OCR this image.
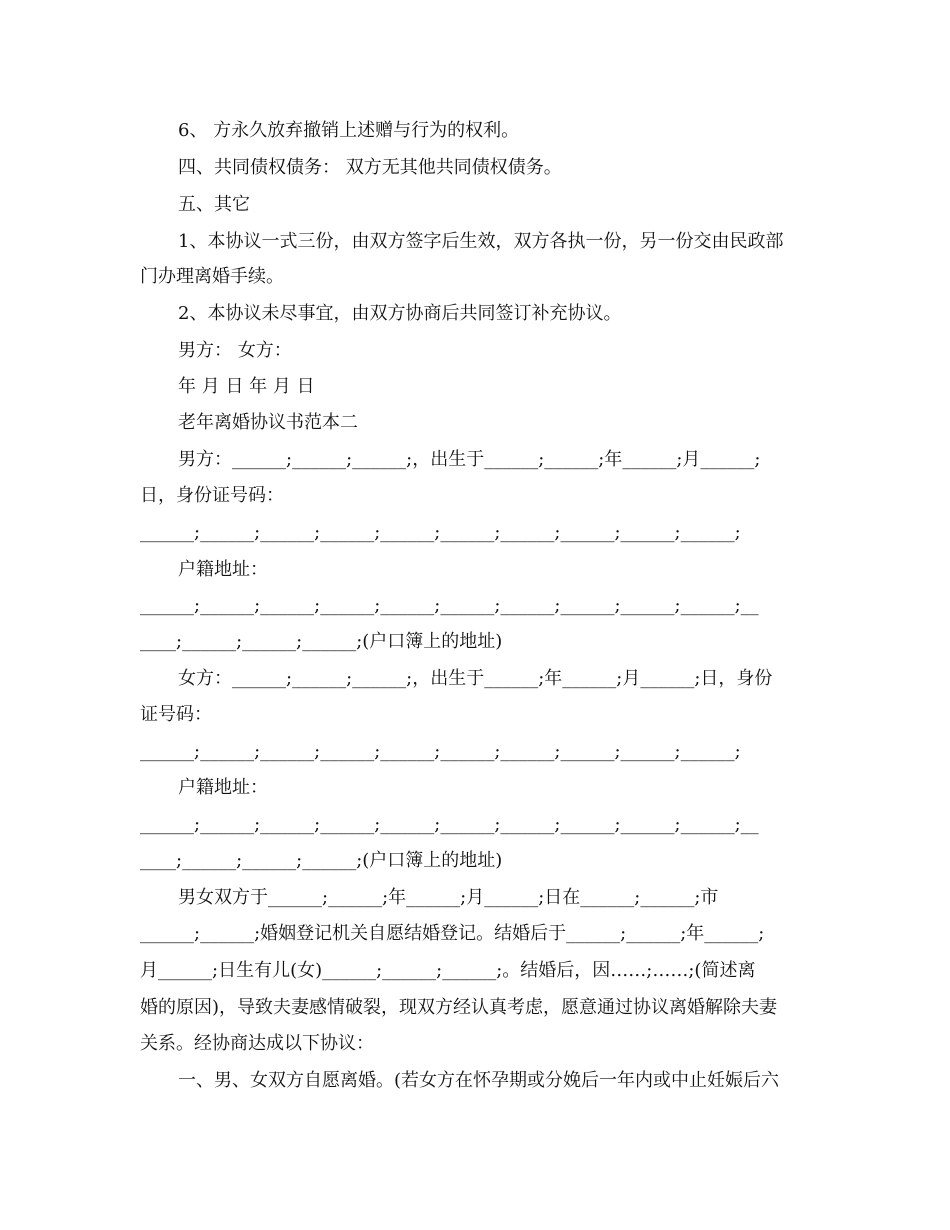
6、 方永久放弃撤销上述赠与行为的权利。
四、共同债权债务： 双方无其他共同债权债务。
五、其它
1、本协议一式三份，由双方签字后生效，双方各执一份，另一份交由民政部
门办理离婚手续。
2、本协议未尽事宜，由双方协商后共同签订补充协议。
男方： 女方：
年 月 日 年 月 日
老年离婚协议书范本二
男方：______;______;______;，出生于______;______;年______;月______;
日，身份证号码：
______;______;______;______;______;______;______;______;______;______;
户籍地址：
______;______;______;______;______;______;______;______;______;______;__
____;______;______;______;(户口簿上的地址)
女方：______;______;______;，出生于______;年______;月______;日，身份
证号码：
______;______;______;______;______;______;______;______;______;______;
户籍地址：
______;______;______;______;______;______;______;______;______;______;__
____;______;______;______;(户口簿上的地址)
男女双方于______;______;年______;月______;日在______;______;市
______;______;婚姻登记机关自愿结婚登记。结婚后于______;______;年______;
月______;日生有儿(女)______;______;______;。结婚后，因……;……;(简述离
婚的原因)，导致夫妻感情破裂，现双方经认真考虑，愿意通过协议离婚解除夫妻
关系。经协商达成以下协议：
一、男、女双方自愿离婚。(若女方在怀孕期或分娩后一年内或中止妊娠后六
